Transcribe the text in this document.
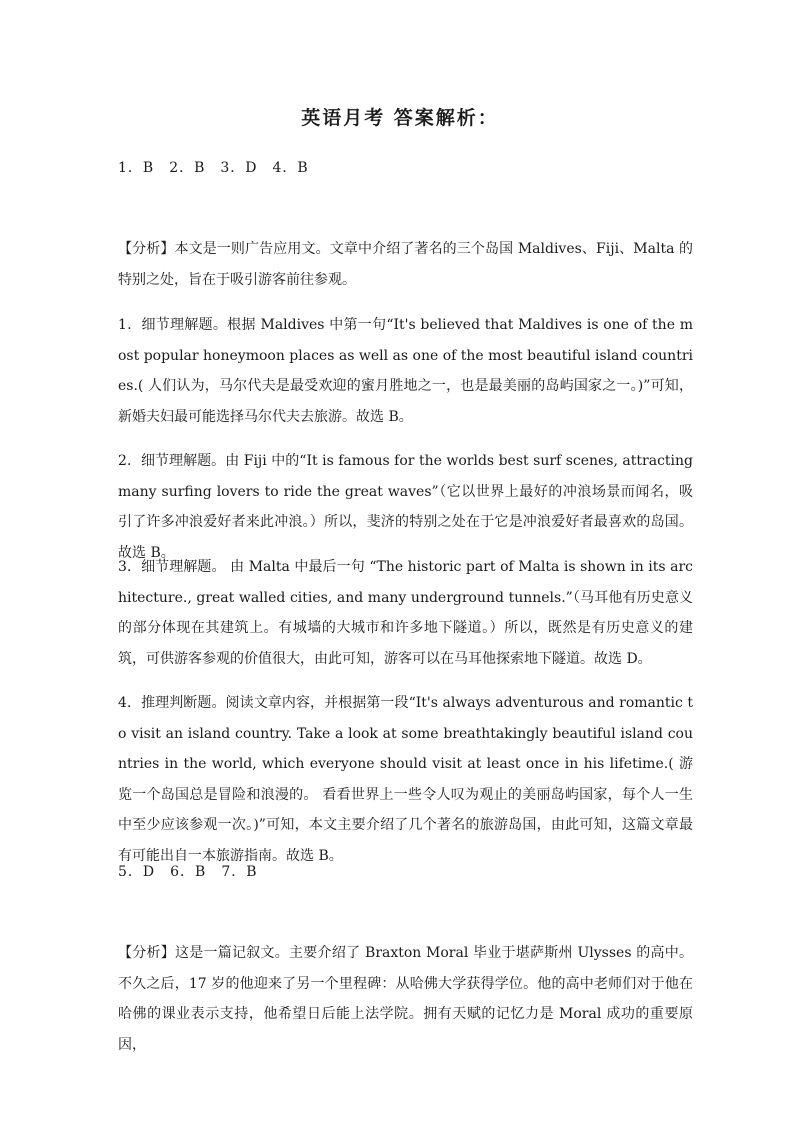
英语月考 答案解析：
1．B　2．B　3．D　4．B

【分析】本文是一则广告应用文。文章中介绍了著名的三个岛国 Maldives、Fiji、Malta 的特别之处，旨在于吸引游客前往参观。

1．细节理解题。根据 Maldives 中第一句“It's believed that Maldives is one of the most popular honeymoon places as well as one of the most beautiful island countries.( 人们认为，马尔代夫是最受欢迎的蜜月胜地之一，也是最美丽的岛屿国家之一。)”可知，新婚夫妇最可能选择马尔代夫去旅游。故选 B。

2．细节理解题。由 Fiji 中的“It is famous for the worlds best surf scenes, attracting many surfing lovers to ride the great waves”（它以世界上最好的冲浪场景而闻名，吸引了许多冲浪爱好者来此冲浪。）所以，斐济的特别之处在于它是冲浪爱好者最喜欢的岛国。故选 B。

3．细节理解题。 由 Malta 中最后一句 “The historic part of Malta is shown in its architecture., great walled cities, and many underground tunnels.”（马耳他有历史意义的部分体现在其建筑上。有城墙的大城市和许多地下隧道。）所以，既然是有历史意义的建筑，可供游客参观的价值很大，由此可知，游客可以在马耳他探索地下隧道。故选 D。

4．推理判断题。阅读文章内容，并根据第一段“It's always adventurous and romantic to visit an island country. Take a look at some breathtakingly beautiful island countries in the world, which everyone should visit at least once in his lifetime.( 游览一个岛国总是冒险和浪漫的。 看看世界上一些令人叹为观止的美丽岛屿国家，每个人一生中至少应该参观一次。)”可知，本文主要介绍了几个著名的旅游岛国，由此可知，这篇文章最有可能出自一本旅游指南。故选 B。

5．D　6．B　7．B

【分析】这是一篇记叙文。主要介绍了 Braxton Moral 毕业于堪萨斯州 Ulysses 的高中。不久之后，17 岁的他迎来了另一个里程碑：从哈佛大学获得学位。他的高中老师们对于他在哈佛的课业表示支持，他希望日后能上法学院。拥有天赋的记忆力是 Moral 成功的重要原因，
